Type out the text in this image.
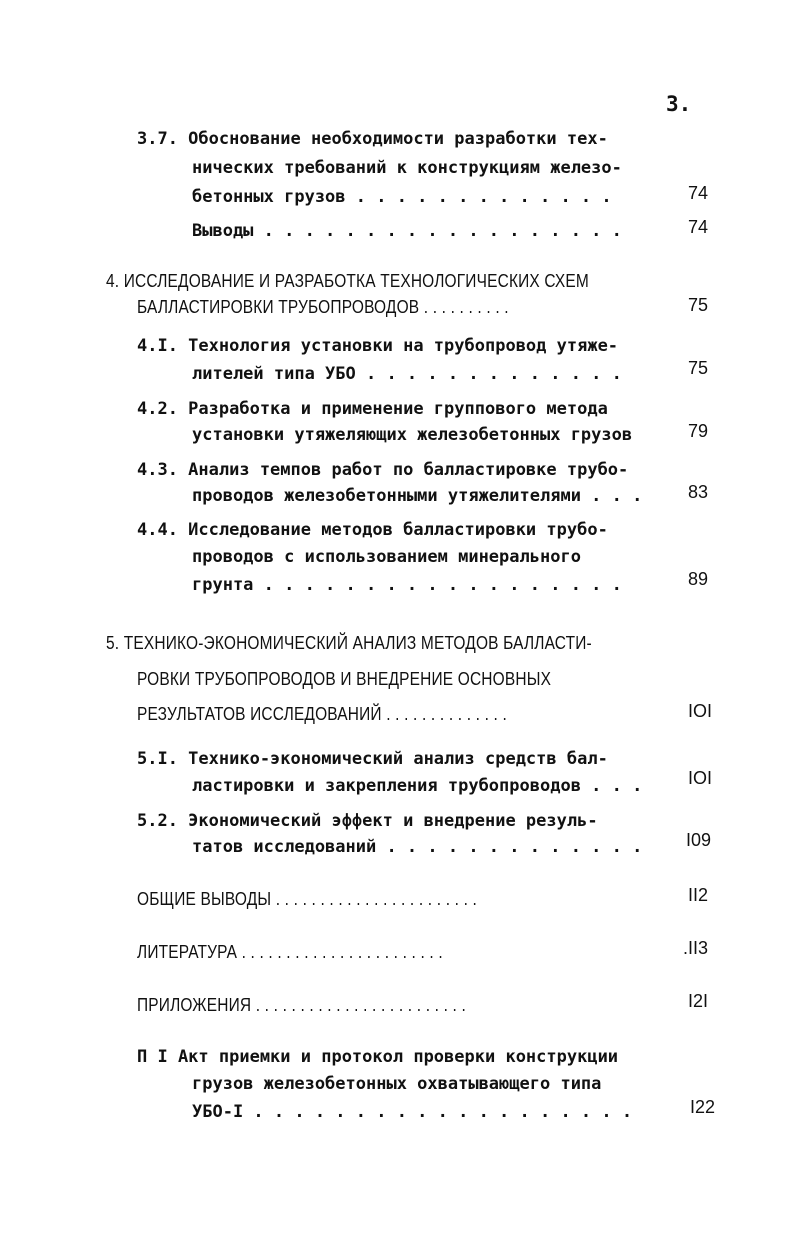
3.
3.7. Обоснование необходимости разработки тех-
нических требований к конструкциям железо-
бетонных грузов . . . . . . . . . . . . .	74
Выводы . . . . . . . . . . . . . . . . . .	74
4. ИССЛЕДОВАНИЕ И РАЗРАБОТКА ТЕХНОЛОГИЧЕСКИХ СХЕМ
БАЛЛАСТИРОВКИ ТРУБОПРОВОДОВ . . . . . . . . . .	75
4.I. Технология установки на трубопровод утяже-
лителей типа УБО . . . . . . . . . . . . .	75
4.2. Разработка и применение группового метода
установки утяжеляющих железобетонных грузов	79
4.3. Анализ темпов работ по балластировке трубо-
проводов железобетонными утяжелителями . . .	83
4.4. Исследование методов балластировки трубо-
проводов с использованием минерального
грунта . . . . . . . . . . . . . . . . . .	89
5. ТЕХНИКО-ЭКОНОМИЧЕСКИЙ АНАЛИЗ МЕТОДОВ БАЛЛАСТИ-
РОВКИ ТРУБОПРОВОДОВ И ВНЕДРЕНИЕ ОСНОВНЫХ
РЕЗУЛЬТАТОВ ИССЛЕДОВАНИЙ . . . . . . . . . . . . . .	IOI
5.I. Технико-экономический анализ средств бал-
ластировки и закрепления трубопроводов . . .	IOI
5.2. Экономический эффект и внедрение резуль-
татов исследований . . . . . . . . . . . . . I09
ОБЩИЕ ВЫВОДЫ . . . . . . . . . . . . . . . . . . . . . . .	II2
ЛИТЕРАТУРА . . . . . . . . . . . . . . . . . . . . . . .	.II3
ПРИЛОЖЕНИЯ . . . . . . . . . . . . . . . . . . . . . . . .	I2I
П I Акт приемки и протокол проверки конструкции
грузов железобетонных охватывающего типа
УБО-I . . . . . . . . . . . . . . . . . . .	I22
